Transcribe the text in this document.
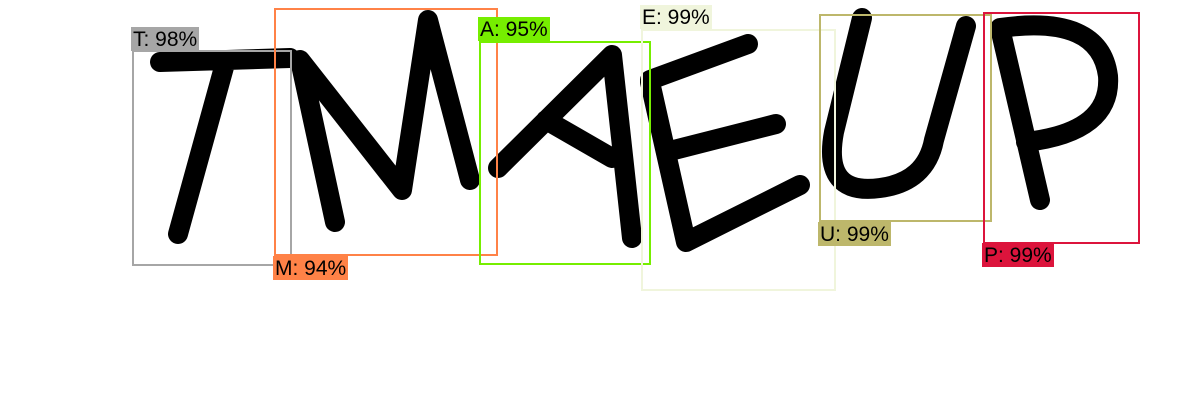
T: 98%
M: 94%
A: 95%
E: 99%
U: 99%
P: 99%
